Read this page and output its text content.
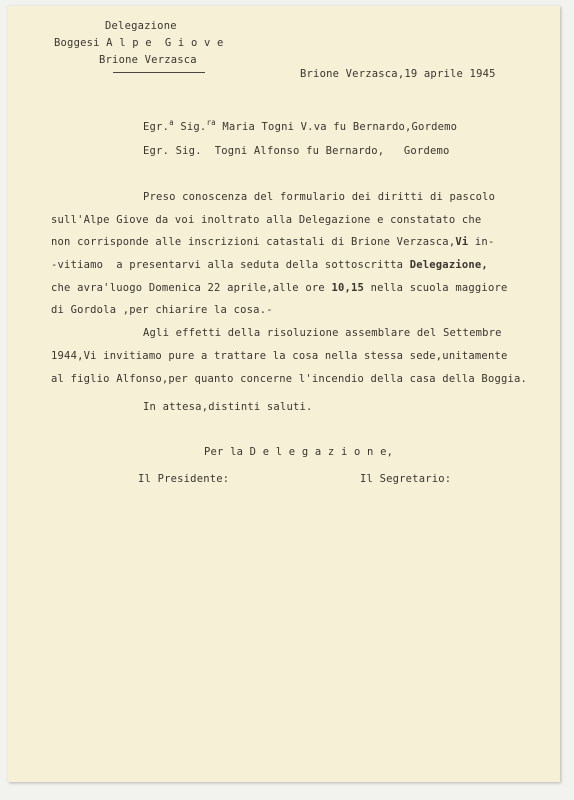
Delegazione
Boggesi A l p e  G i o v e
Brione Verzasca
Brione Verzasca,19 aprile 1945
Egr.$^a$ Sig.$^{ra}$ Maria Togni V.va fu Bernardo,Gordemo
Egr. Sig. Togni Alfonso fu Bernardo, Gordemo
Preso conoscenza del formulario dei diritti di pascolo
sull'Alpe Giove da voi inoltrato alla Delegazione e constatato che
non corrisponde alle inscrizioni catastali di Brione Verzasca,Vi in-
-vitiamo  a presentarvi alla seduta della sottoscritta Delegazione,
che avra'luogo Domenica 22 aprile,alle ore 10,15 nella scuola maggiore
di Gordola ,per chiarire la cosa.-
Agli effetti della risoluzione assemblare del Settembre
1944,Vi invitiamo pure a trattare la cosa nella stessa sede,unitamente
al figlio Alfonso,per quanto concerne l'incendio della casa della Boggia.
In attesa,distinti saluti.
Per la D e l e g a z i o n e,
Il Presidente:	Il Segretario:
